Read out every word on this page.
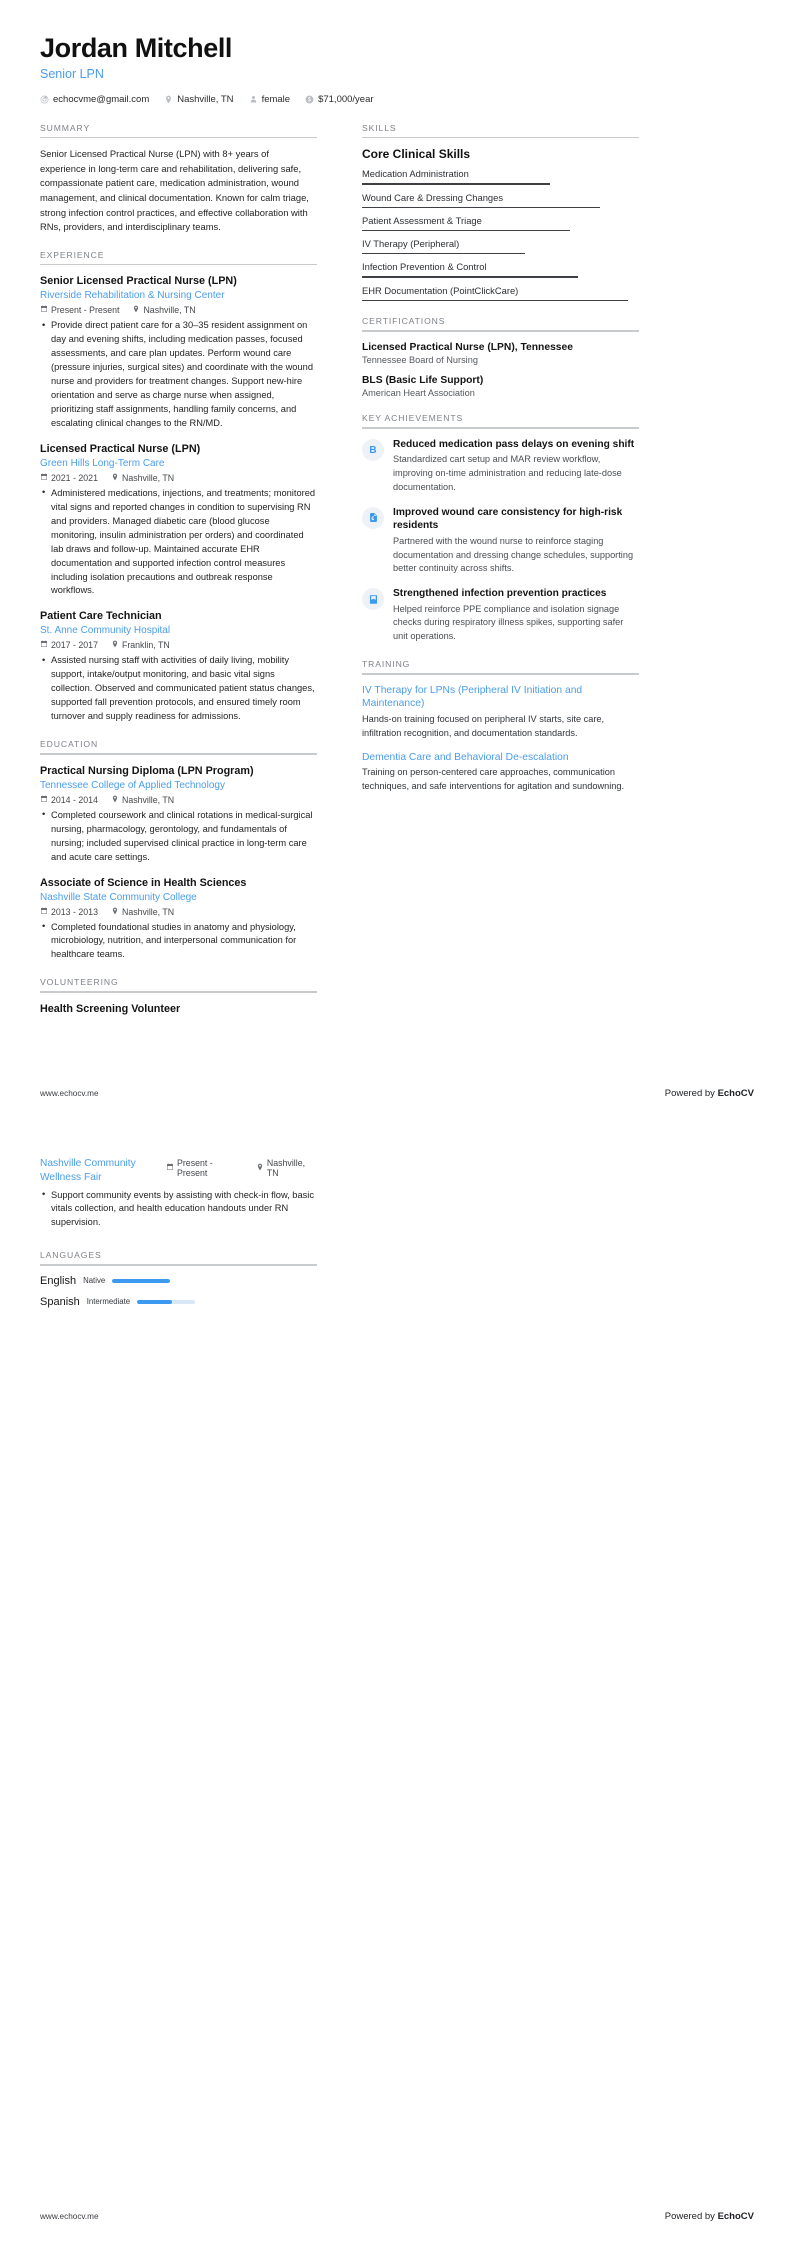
Jordan Mitchell
Senior LPN
echocvme@gmail.com	Nashville, TN	female	$71,000/year
SUMMARY
Senior Licensed Practical Nurse (LPN) with 8+ years of experience in long-term care and rehabilitation, delivering safe, compassionate patient care, medication administration, wound management, and clinical documentation. Known for calm triage, strong infection control practices, and effective collaboration with RNs, providers, and interdisciplinary teams.
EXPERIENCE
Senior Licensed Practical Nurse (LPN)
Riverside Rehabilitation & Nursing Center
Present - Present	Nashville, TN
• Provide direct patient care for a 30–35 resident assignment on day and evening shifts, including medication passes, focused assessments, and care plan updates. Perform wound care (pressure injuries, surgical sites) and coordinate with the wound nurse and providers for treatment changes. Support new-hire orientation and serve as charge nurse when assigned, prioritizing staff assignments, handling family concerns, and escalating clinical changes to the RN/MD.
Licensed Practical Nurse (LPN)
Green Hills Long-Term Care
2021 - 2021	Nashville, TN
• Administered medications, injections, and treatments; monitored vital signs and reported changes in condition to supervising RN and providers. Managed diabetic care (blood glucose monitoring, insulin administration per orders) and coordinated lab draws and follow-up. Maintained accurate EHR documentation and supported infection control measures including isolation precautions and outbreak response workflows.
Patient Care Technician
St. Anne Community Hospital
2017 - 2017	Franklin, TN
• Assisted nursing staff with activities of daily living, mobility support, intake/output monitoring, and basic vital signs collection. Observed and communicated patient status changes, supported fall prevention protocols, and ensured timely room turnover and supply readiness for admissions.
EDUCATION
Practical Nursing Diploma (LPN Program)
Tennessee College of Applied Technology
2014 - 2014	Nashville, TN
• Completed coursework and clinical rotations in medical-surgical nursing, pharmacology, gerontology, and fundamentals of nursing; included supervised clinical practice in long-term care and acute care settings.
Associate of Science in Health Sciences
Nashville State Community College
2013 - 2013	Nashville, TN
• Completed foundational studies in anatomy and physiology, microbiology, nutrition, and interpersonal communication for healthcare teams.
VOLUNTEERING
Health Screening Volunteer
SKILLS
Core Clinical Skills
Medication Administration
Wound Care & Dressing Changes
Patient Assessment & Triage
IV Therapy (Peripheral)
Infection Prevention & Control
EHR Documentation (PointClickCare)
CERTIFICATIONS
Licensed Practical Nurse (LPN), Tennessee
Tennessee Board of Nursing
BLS (Basic Life Support)
American Heart Association
KEY ACHIEVEMENTS
B Reduced medication pass delays on evening shift
Standardized cart setup and MAR review workflow, improving on-time administration and reducing late-dose documentation.
Improved wound care consistency for high-risk residents
Partnered with the wound nurse to reinforce staging documentation and dressing change schedules, supporting better continuity across shifts.
Strengthened infection prevention practices
Helped reinforce PPE compliance and isolation signage checks during respiratory illness spikes, supporting safer unit operations.
TRAINING
IV Therapy for LPNs (Peripheral IV Initiation and Maintenance)
Hands-on training focused on peripheral IV starts, site care, infiltration recognition, and documentation standards.
Dementia Care and Behavioral De-escalation
Training on person-centered care approaches, communication techniques, and safe interventions for agitation and sundowning.
www.echocv.me	Powered by EchoCV
Nashville Community Wellness Fair
Present - Present
Nashville, TN
• Support community events by assisting with check-in flow, basic vitals collection, and health education handouts under RN supervision.
LANGUAGES
English Native
Spanish Intermediate
www.echocv.me	Powered by EchoCV
